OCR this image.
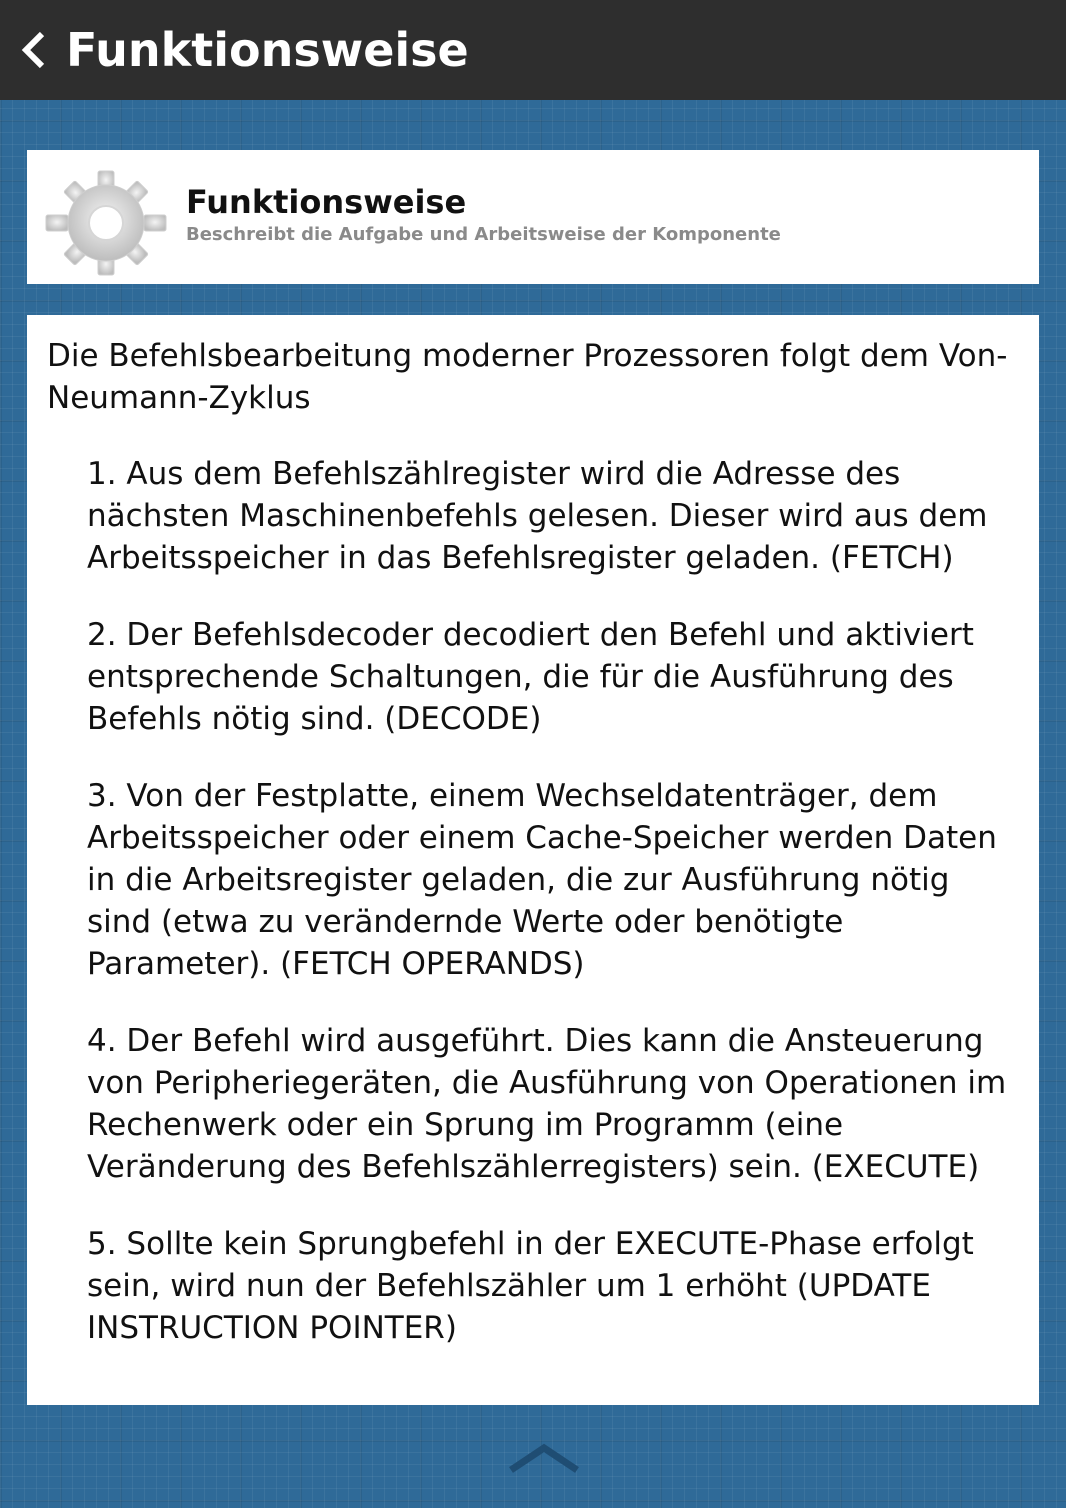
Funktionsweise
Funktionsweise
Beschreibt die Aufgabe und Arbeitsweise der Komponente

Die Befehlsbearbeitung moderner Prozessoren folgt dem Von-Neumann-Zyklus

1. Aus dem Befehlszählregister wird die Adresse des nächsten Maschinenbefehls gelesen. Dieser wird aus dem Arbeitsspeicher in das Befehlsregister geladen. (FETCH)
2. Der Befehlsdecoder decodiert den Befehl und aktiviert entsprechende Schaltungen, die für die Ausführung des Befehls nötig sind. (DECODE)
3. Von der Festplatte, einem Wechseldatenträger, dem Arbeitsspeicher oder einem Cache-Speicher werden Daten in die Arbeitsregister geladen, die zur Ausführung nötig sind (etwa zu verändernde Werte oder benötigte Parameter). (FETCH OPERANDS)
4. Der Befehl wird ausgeführt. Dies kann die Ansteuerung von Peripheriegeräten, die Ausführung von Operationen im Rechenwerk oder ein Sprung im Programm (eine Veränderung des Befehlszählerregisters) sein. (EXECUTE)
5. Sollte kein Sprungbefehl in der EXECUTE-Phase erfolgt sein, wird nun der Befehlszähler um 1 erhöht (UPDATE INSTRUCTION POINTER)
